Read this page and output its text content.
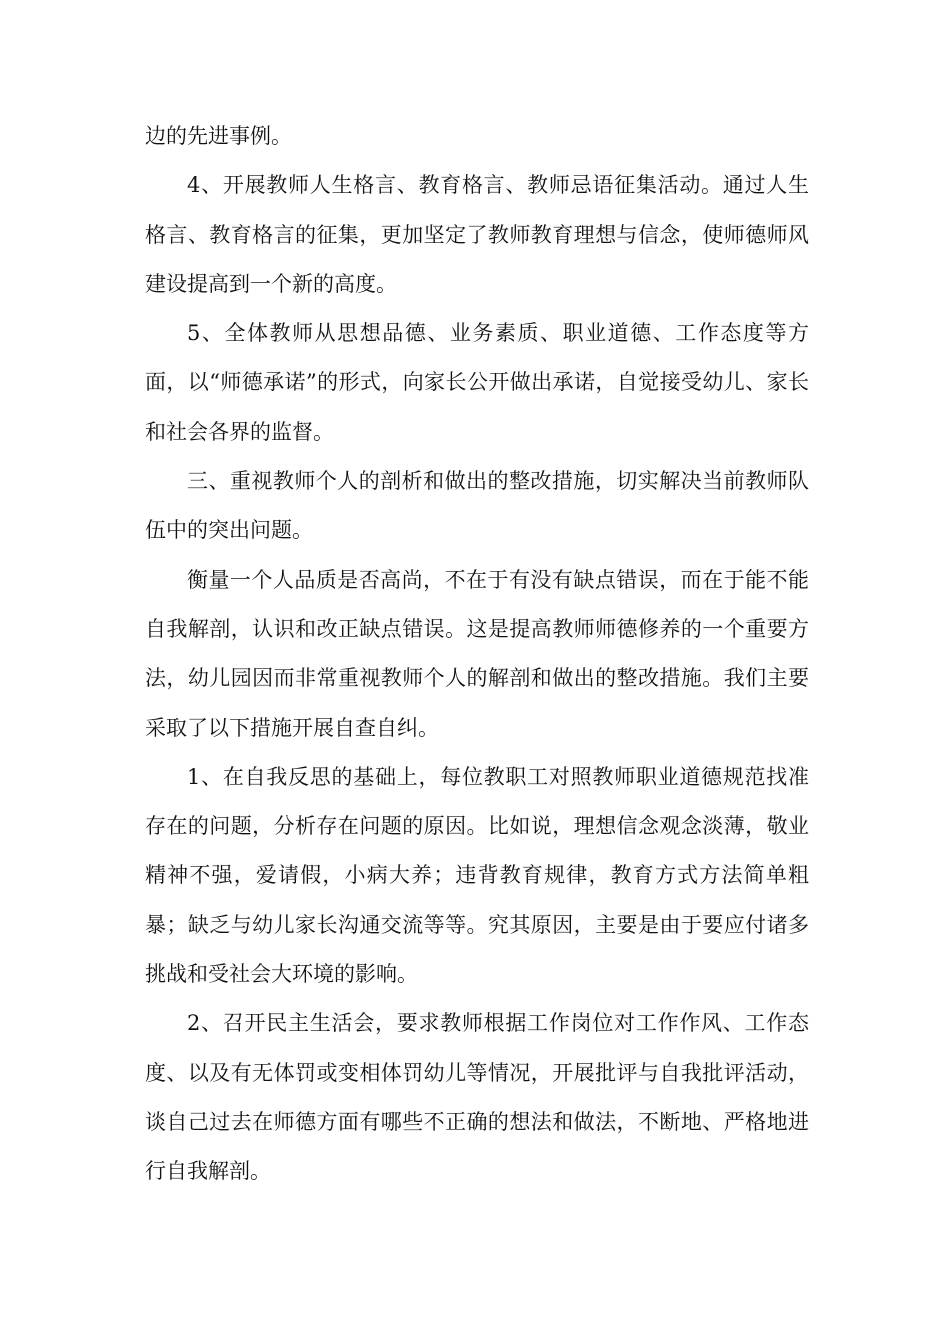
边的先进事例。

4、开展教师人生格言、教育格言、教师忌语征集活动。通过人生格言、教育格言的征集，更加坚定了教师教育理想与信念，使师德师风建设提高到一个新的高度。

5、全体教师从思想品德、业务素质、职业道德、工作态度等方面，以“师德承诺”的形式，向家长公开做出承诺，自觉接受幼儿、家长和社会各界的监督。

三、重视教师个人的剖析和做出的整改措施，切实解决当前教师队伍中的突出问题。

衡量一个人品质是否高尚，不在于有没有缺点错误，而在于能不能自我解剖，认识和改正缺点错误。这是提高教师师德修养的一个重要方法，幼儿园因而非常重视教师个人的解剖和做出的整改措施。我们主要采取了以下措施开展自查自纠。

1、在自我反思的基础上，每位教职工对照教师职业道德规范找准存在的问题，分析存在问题的原因。比如说，理想信念观念淡薄，敬业精神不强，爱请假，小病大养；违背教育规律，教育方式方法简单粗暴；缺乏与幼儿家长沟通交流等等。究其原因，主要是由于要应付诸多挑战和受社会大环境的影响。

2、召开民主生活会，要求教师根据工作岗位对工作作风、工作态度、以及有无体罚或变相体罚幼儿等情况，开展批评与自我批评活动，谈自己过去在师德方面有哪些不正确的想法和做法，不断地、严格地进行自我解剖。
